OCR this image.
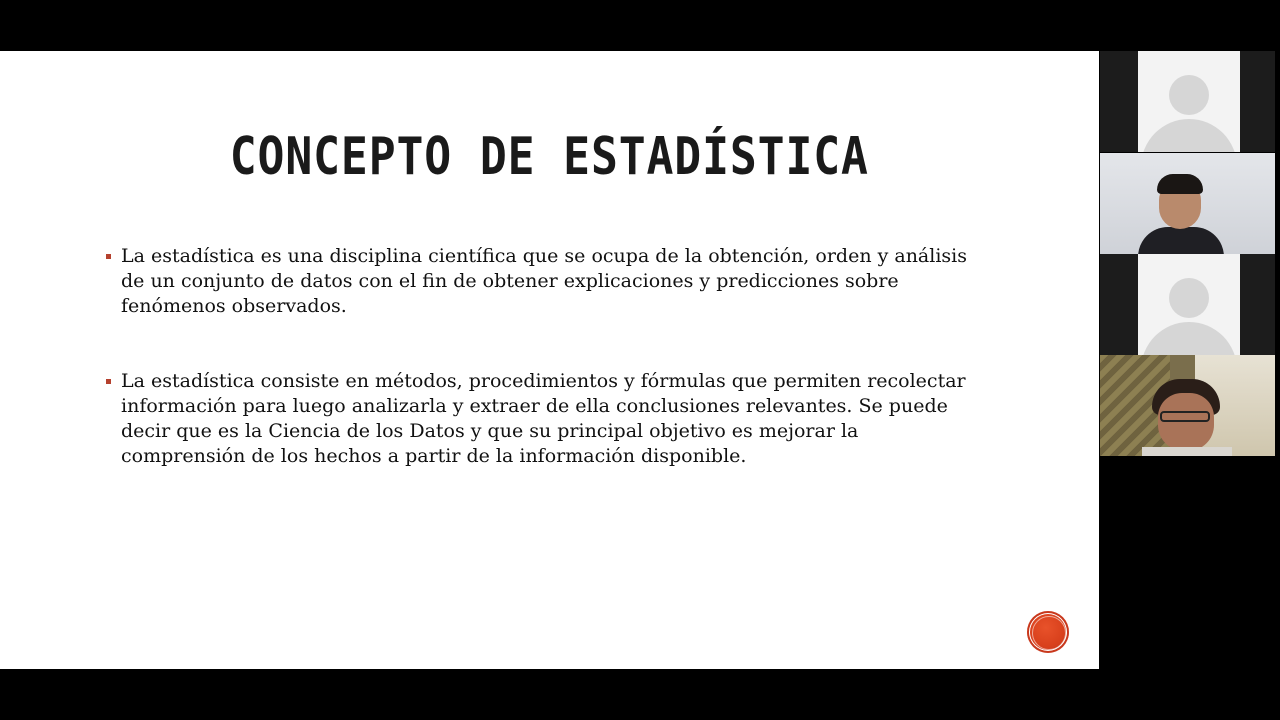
CONCEPTO DE ESTADÍSTICA
La estadística es una disciplina científica que se ocupa de la obtención, orden y análisis de un conjunto de datos con el fin de obtener explicaciones y predicciones sobre fenómenos observados.
La estadística consiste en métodos, procedimientos y fórmulas que permiten recolectar información para luego analizarla y extraer de ella conclusiones relevantes. Se puede decir que es la Ciencia de los Datos y que su principal objetivo es mejorar la comprensión de los hechos a partir de la información disponible.
